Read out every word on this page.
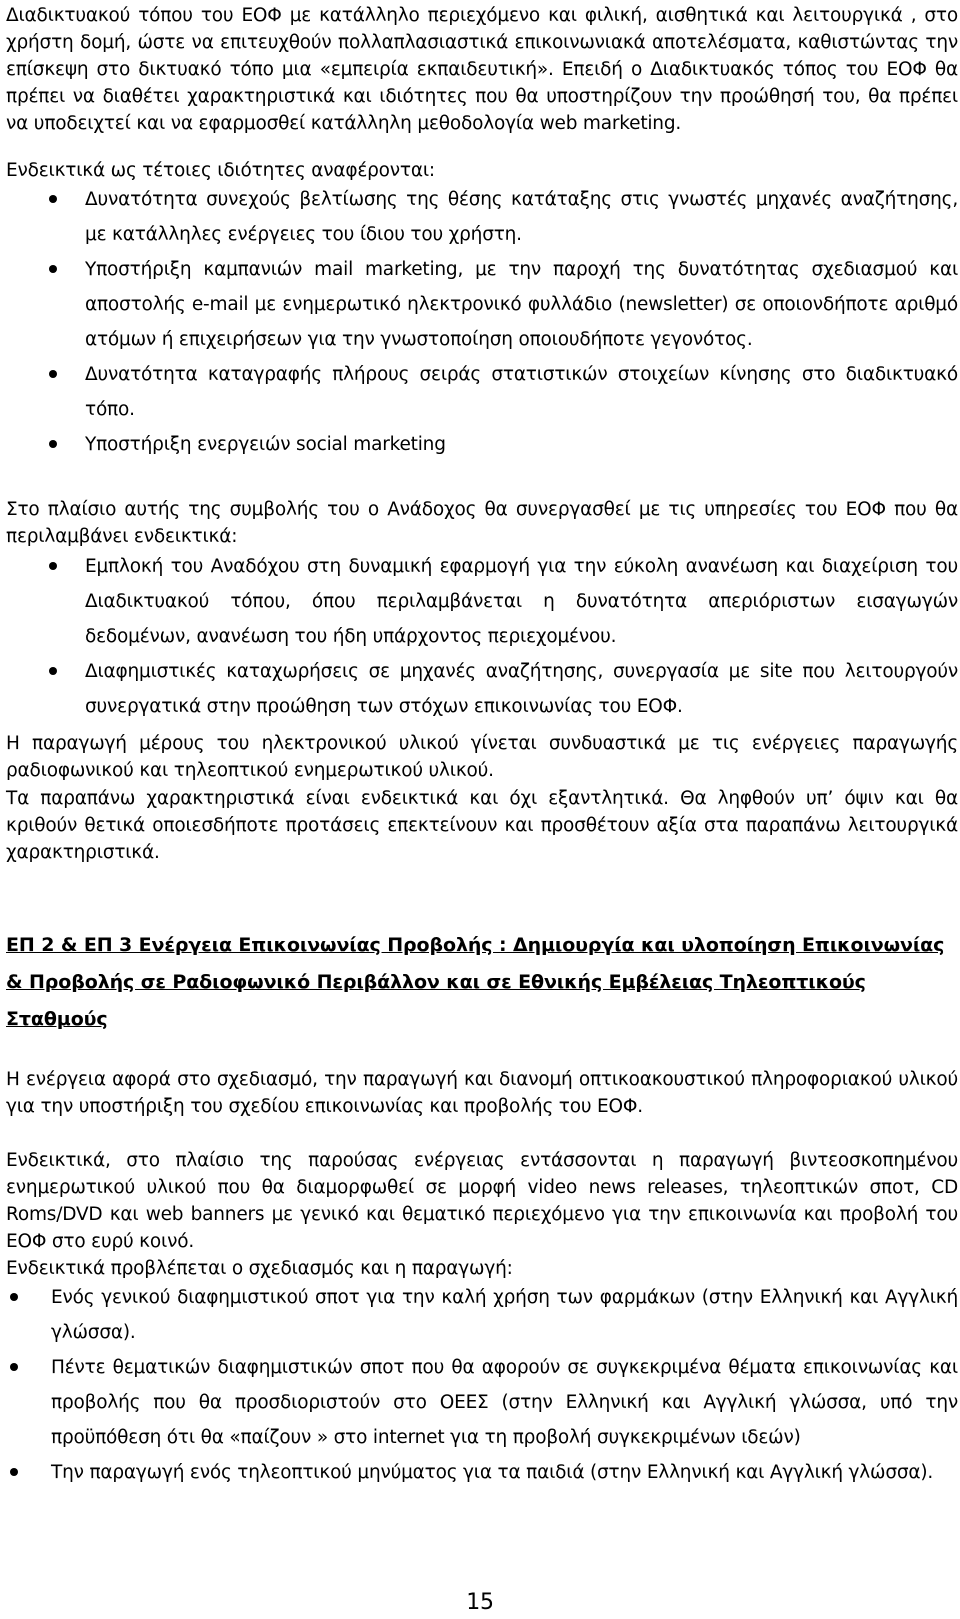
Διαδικτυακού τόπου του ΕΟΦ με κατάλληλο περιεχόμενο και φιλική, αισθητικά και λειτουργικά , στο χρήστη δομή, ώστε να επιτευχθούν πολλαπλασιαστικά επικοινωνιακά αποτελέσματα, καθιστώντας την επίσκεψη στο δικτυακό τόπο μια «εμπειρία εκπαιδευτική». Επειδή ο Διαδικτυακός τόπος του ΕΟΦ θα πρέπει να διαθέτει χαρακτηριστικά και ιδιότητες που θα υποστηρίζουν την προώθησή του, θα πρέπει να υποδειχτεί και να εφαρμοσθεί κατάλληλη μεθοδολογία web marketing.

Ενδεικτικά ως τέτοιες ιδιότητες αναφέρονται:

Δυνατότητα συνεχούς βελτίωσης της θέσης κατάταξης στις γνωστές μηχανές αναζήτησης, με κατάλληλες ενέργειες του ίδιου του χρήστη.
Υποστήριξη καμπανιών mail marketing, με την παροχή της δυνατότητας σχεδιασμού και αποστολής e-mail με ενημερωτικό ηλεκτρονικό φυλλάδιο (newsletter) σε οποιονδήποτε αριθμό ατόμων ή επιχειρήσεων για την γνωστοποίηση οποιουδήποτε γεγονότος.
Δυνατότητα καταγραφής πλήρους σειράς στατιστικών στοιχείων κίνησης στο διαδικτυακό τόπο.
Υποστήριξη ενεργειών social marketing

Στο πλαίσιο αυτής της συμβολής του ο Ανάδοχος θα συνεργασθεί με τις υπηρεσίες του ΕΟΦ που θα περιλαμβάνει ενδεικτικά:

Εμπλοκή του Αναδόχου στη δυναμική εφαρμογή για την εύκολη ανανέωση και διαχείριση του Διαδικτυακού τόπου, όπου περιλαμβάνεται η δυνατότητα απεριόριστων εισαγωγών δεδομένων, ανανέωση του ήδη υπάρχοντος περιεχομένου.
Διαφημιστικές καταχωρήσεις σε μηχανές αναζήτησης, συνεργασία με site που λειτουργούν συνεργατικά στην προώθηση των στόχων επικοινωνίας του ΕΟΦ.

Η παραγωγή μέρους του ηλεκτρονικού υλικού γίνεται συνδυαστικά με τις ενέργειες παραγωγής ραδιοφωνικού και τηλεοπτικού ενημερωτικού υλικού.

Τα παραπάνω χαρακτηριστικά είναι ενδεικτικά και όχι εξαντλητικά. Θα ληφθούν υπ’ όψιν και θα κριθούν θετικά οποιεσδήποτε προτάσεις επεκτείνουν και προσθέτουν αξία στα παραπάνω λειτουργικά χαρακτηριστικά.

ΕΠ 2 & ΕΠ 3 Ενέργεια Επικοινωνίας Προβολής : Δημιουργία και υλοποίηση Επικοινωνίας & Προβολής σε Ραδιοφωνικό Περιβάλλον και σε Εθνικής Εμβέλειας Τηλεοπτικούς Σταθμούς

Η ενέργεια αφορά στο σχεδιασμό, την παραγωγή και διανομή οπτικοακουστικού πληροφοριακού υλικού για την υποστήριξη του σχεδίου επικοινωνίας και προβολής του ΕΟΦ.

Ενδεικτικά, στο πλαίσιο της παρούσας ενέργειας εντάσσονται η παραγωγή βιντεοσκοπημένου ενημερωτικού υλικού που θα διαμορφωθεί σε μορφή video news releases, τηλεοπτικών σποτ, CD Roms/DVD και web banners με γενικό και θεματικό περιεχόμενο για την επικοινωνία και προβολή του ΕΟΦ στο ευρύ κοινό.

Ενδεικτικά προβλέπεται ο σχεδιασμός και η παραγωγή:

Ενός γενικού διαφημιστικού σποτ για την καλή χρήση των φαρμάκων (στην Ελληνική και Αγγλική γλώσσα).
Πέντε θεματικών διαφημιστικών σποτ που θα αφορούν σε συγκεκριμένα θέματα επικοινωνίας και προβολής που θα προσδιοριστούν στο ΟΕΕΣ (στην Ελληνική και Αγγλική γλώσσα, υπό την προϋπόθεση ότι θα «παίζουν » στο internet για τη προβολή συγκεκριμένων ιδεών)
Την παραγωγή ενός τηλεοπτικού μηνύματος για τα παιδιά (στην Ελληνική και Αγγλική γλώσσα).
15
